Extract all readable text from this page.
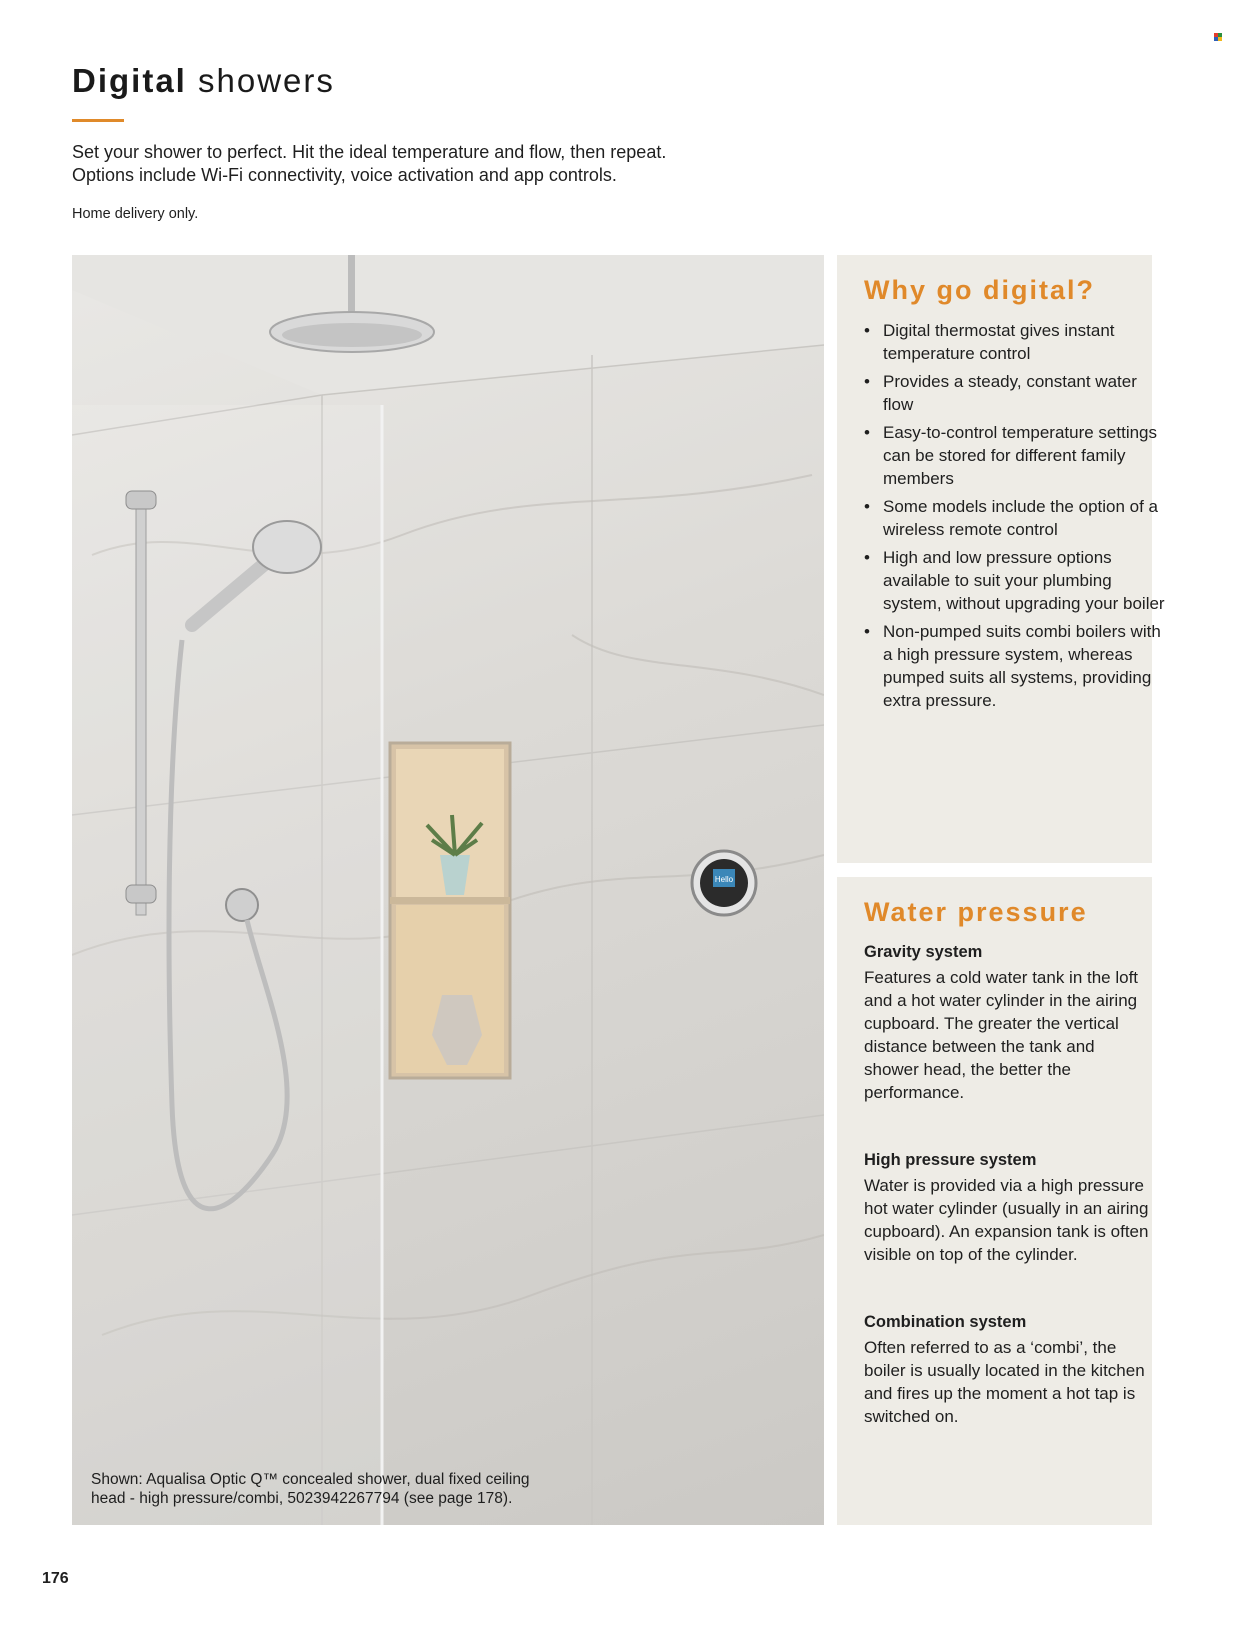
Digital showers

Set your shower to perfect. Hit the ideal temperature and flow, then repeat.

Options include Wi-Fi connectivity, voice activation and app controls.

Home delivery only.
Hello

Shown: Aqualisa Optic Q™ concealed shower, dual fixed ceiling

head - high pressure/combi, 5023942267794 (see page 178).

Why go digital?
• Digital thermostat gives instant temperature control
• Provides a steady, constant water flow
• Easy-to-control temperature settings can be stored for different family members
• Some models include the option of a wireless remote control
• High and low pressure options available to suit your plumbing system, without upgrading your boiler
• Non-pumped suits combi boilers with a high pressure system, whereas pumped suits all systems, providing extra pressure.
Water pressure
Gravity system

Features a cold water tank in the loft and a hot water cylinder in the airing cupboard. The greater the vertical distance between the tank and shower head, the better the performance.

High pressure system

Water is provided via a high pressure hot water cylinder (usually in an airing cupboard). An expansion tank is often visible on top of the cylinder.

Combination system

Often referred to as a ‘combi’, the boiler is usually located in the kitchen and fires up the moment a hot tap is switched on.

176
